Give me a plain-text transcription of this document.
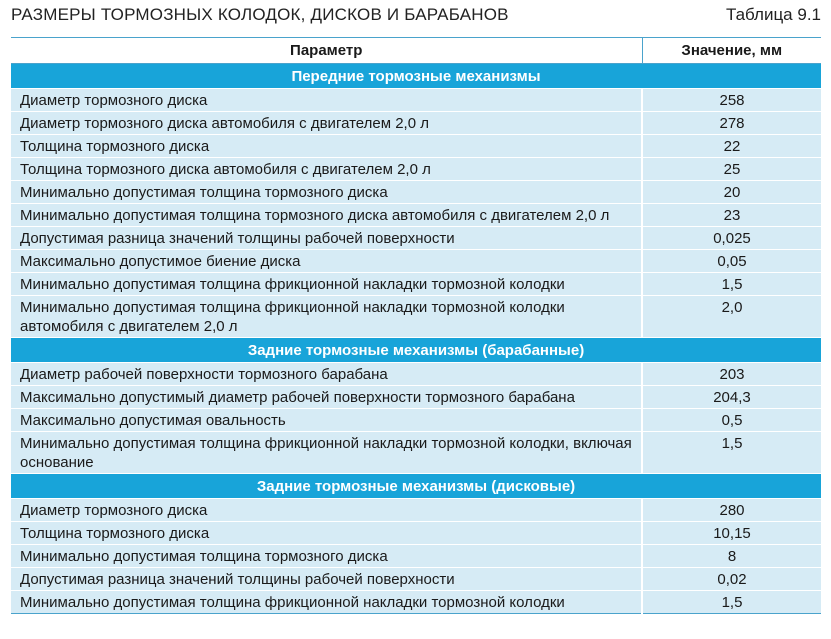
РАЗМЕРЫ ТОРМОЗНЫХ КОЛОДОК, ДИСКОВ И БАРАБАНОВ	Таблица 9.1
Параметр	Значение, мм
Передние тормозные механизмы	
Диаметр тормозного диска	258
Диаметр тормозного диска автомобиля с двигателем 2,0 л	278
Толщина тормозного диска	22
Толщина тормозного диска автомобиля с двигателем 2,0 л	25
Минимально допустимая толщина тормозного диска	20
Минимально допустимая толщина тормозного диска автомобиля с двигателем 2,0 л	23
Допустимая разница значений толщины рабочей поверхности	0,025
Максимально допустимое биение диска	0,05
Минимально допустимая толщина фрикционной накладки тормозной колодки	1,5
Минимально допустимая толщина фрикционной накладки тормозной колодки автомобиля с двигателем 2,0 л	2,0
Задние тормозные механизмы (барабанные)	
Диаметр рабочей поверхности тормозного барабана	203
Максимально допустимый диаметр рабочей поверхности тормозного барабана	204,3
Максимально допустимая овальность	0,5
Минимально допустимая толщина фрикционной накладки тормозной колодки, включая основание	1,5
Задние тормозные механизмы (дисковые)	
Диаметр тормозного диска	280
Толщина тормозного диска	10,15
Минимально допустимая толщина тормозного диска	8
Допустимая разница значений толщины рабочей поверхности	0,02
Минимально допустимая толщина фрикционной накладки тормозной колодки	1,5
